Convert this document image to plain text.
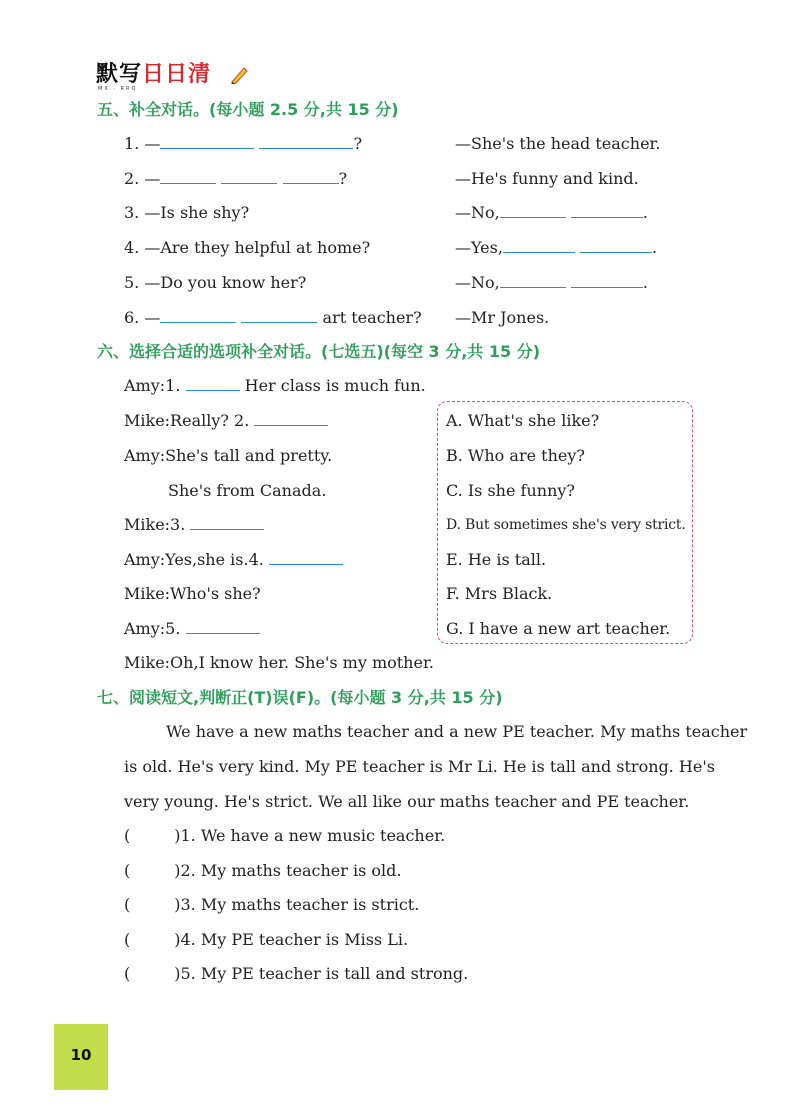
默写日日清
MX · RRQ
五、补全对话。(每小题 2.5 分,共 15 分)
1. —	?	—She's the head teacher.
2. —	?	—He's funny and kind.
3. —Is she shy?	—No,	.
4. —Are they helpful at home?	—Yes,	.
5. —Do you know her?	—No,	.
6. —	art teacher? —Mr Jones.
六、选择合适的选项补全对话。(七选五)(每空 3 分,共 15 分)
Amy:1.	Her class is much fun.
Mike:Really? 2.
Amy:She's tall and pretty.
She's from Canada.
Mike:3.
Amy:Yes,she is.4.
Mike:Who's she?
Amy:5.
Mike:Oh,I know her. She's my mother.
A. What's she like?
B. Who are they?
C. Is she funny?
D. But sometimes she's very strict.
E. He is tall.
F. Mrs Black.
G. I have a new art teacher.
七、阅读短文,判断正(T)误(F)。(每小题 3 分,共 15 分)
We have a new maths teacher and a new PE teacher. My maths teacher
is old. He's very kind. My PE teacher is Mr Li. He is tall and strong. He's
very young. He's strict. We all like our maths teacher and PE teacher.
(	)1. We have a new music teacher.
(	)2. My maths teacher is old.
(	)3. My maths teacher is strict.
(	)4. My PE teacher is Miss Li.
(	)5. My PE teacher is tall and strong.
10
